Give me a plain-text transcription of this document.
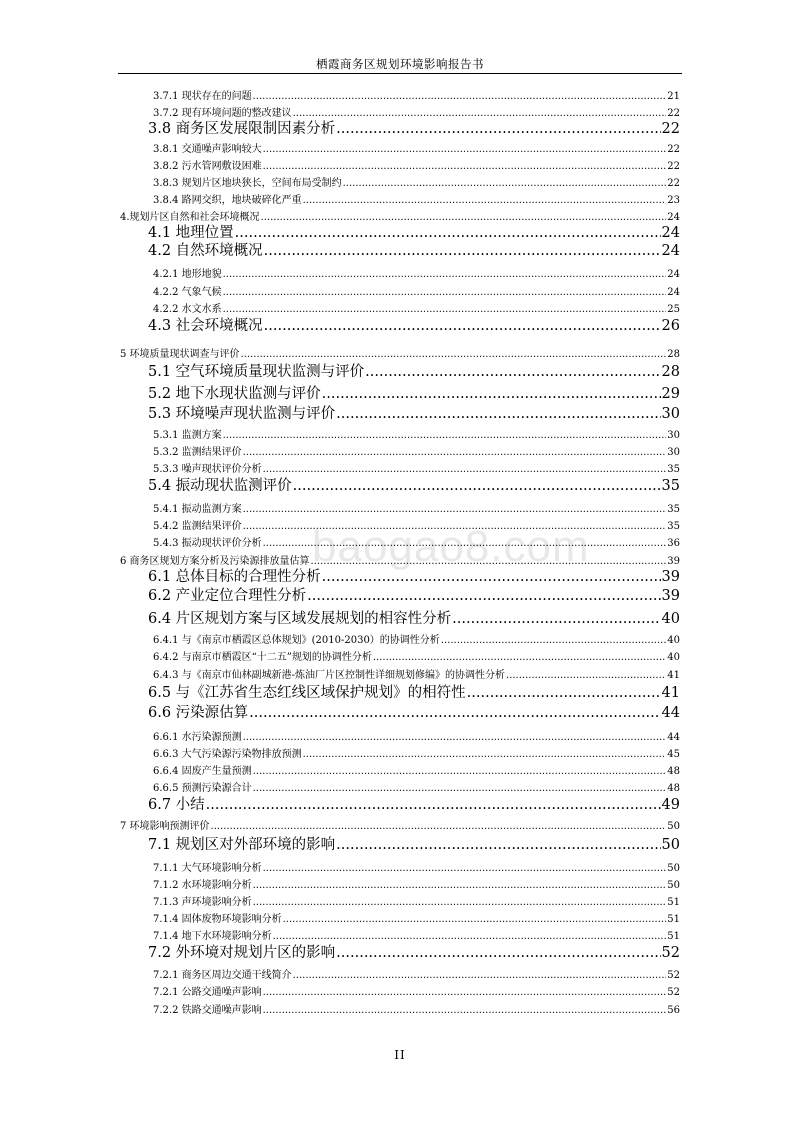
栖霞商务区规划环境影响报告书
baogao8.com
3.7.1 现状存在的问题 .....	21
3.7.2 现有环境问题的整改建议 .....	22
3.8 商务区发展限制因素分析 .....	22
3.8.1 交通噪声影响较大 .....	22
3.8.2 污水管网敷设困难 .....	22
3.8.3 规划片区地块狭长，空间布局受制约 .....	22
3.8.4 路网交织，地块破碎化严重 .....	23
4.规划片区自然和社会环境概况 .....	24
4.1 地理位置 .....	24
4.2 自然环境概况 .....	24
4.2.1 地形地貌 .....	24
4.2.2 气象气候 .....	24
4.2.2 水文水系 .....	25
4.3 社会环境概况 .....	26
5 环境质量现状调查与评价 .....	28
5.1 空气环境质量现状监测与评价 .....	28
5.2 地下水现状监测与评价 .....	29
5.3 环境噪声现状监测与评价 .....	30
5.3.1 监测方案 .....	30
5.3.2 监测结果评价 .....	30
5.3.3 噪声现状评价分析 .....	35
5.4 振动现状监测评价 .....	35
5.4.1 振动监测方案 .....	35
5.4.2 监测结果评价 .....	35
5.4.3 振动现状评价分析 .....	36
6 商务区规划方案分析及污染源排放量估算 .....	39
6.1 总体目标的合理性分析 .....	39
6.2 产业定位合理性分析 .....	39
6.4 片区规划方案与区域发展规划的相容性分析 .....	40
6.4.1 与《南京市栖霞区总体规划》(2010-2030）的协调性分析 .....	40
6.4.2 与南京市栖霞区“十二五”规划的协调性分析 .....	40
6.4.3 与《南京市仙林副城新港-炼油厂片区控制性详细规划修编》的协调性分析 .....	41
6.5 与《江苏省生态红线区域保护规划》的相符性 .....	41
6.6 污染源估算 .....	44
6.6.1 水污染源预测 .....	44
6.6.3 大气污染源污染物排放预测 .....	45
6.6.4 固废产生量预测 .....	48
6.6.5 预测污染源合计 .....	48
6.7 小结 .....	49
7 环境影响预测评价 .....	50
7.1 规划区对外部环境的影响 .....	50
7.1.1 大气环境影响分析 .....	50
7.1.2 水环境影响分析 .....	50
7.1.3 声环境影响分析 .....	51
7.1.4 固体废物环境影响分析 .....	51
7.1.4 地下水环境影响分析 .....	51
7.2 外环境对规划片区的影响 .....	52
7.2.1 商务区周边交通干线简介 .....	52
7.2.1 公路交通噪声影响 .....	52
7.2.2 铁路交通噪声影响 .....	56
II
